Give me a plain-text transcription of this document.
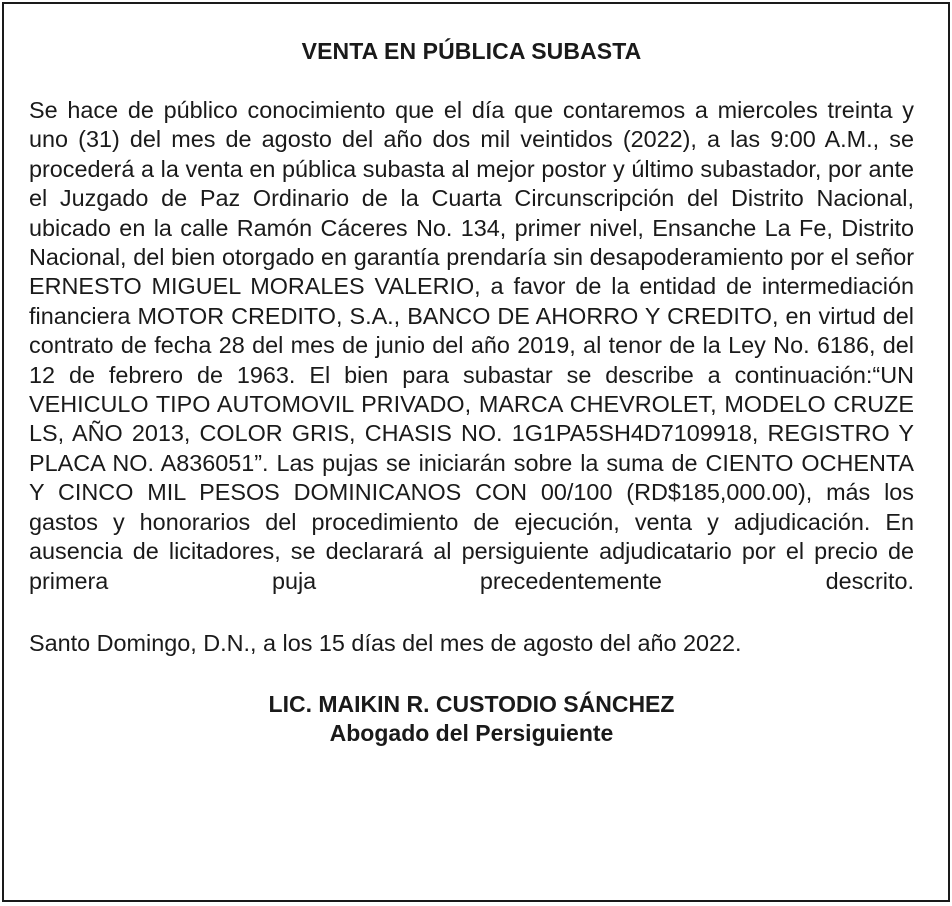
VENTA EN PÚBLICA SUBASTA

Se hace de público conocimiento que el día que contaremos a miercoles treinta y uno (31) del mes de agosto del año dos mil veintidos (2022), a las 9:00 A.M., se procederá a la venta en pública subasta al mejor postor y último subastador, por ante el Juzgado de Paz Ordinario de la Cuarta Circunscripción del Distrito Nacional, ubicado en la calle Ramón Cáceres No. 134, primer nivel, Ensanche La Fe, Distrito Nacional, del bien otorgado en garantía prendaría sin desapoderamiento por el señor ERNESTO MIGUEL MORALES VALERIO, a favor de la entidad de intermediación financiera MOTOR CREDITO, S.A., BANCO DE AHORRO Y CREDITO, en virtud del contrato de fecha 28 del mes de junio del año 2019, al tenor de la Ley No. 6186, del 12 de febrero de 1963. El bien para subastar se describe a continuación:“UN VEHICULO TIPO AUTOMOVIL PRIVADO, MARCA CHEVROLET, MODELO CRUZE LS, AÑO 2013, COLOR GRIS, CHASIS NO. 1G1PA5SH4D7109918, REGISTRO Y PLACA NO. A836051”. Las pujas se iniciarán sobre la suma de CIENTO OCHENTA Y CINCO MIL PESOS DOMINICANOS CON 00/100 (RD$185,000.00), más los gastos y honorarios del procedimiento de ejecución, venta y adjudicación. En ausencia de licitadores, se declarará al persiguiente adjudicatario por el precio de primera puja precedentemente descrito.

Santo Domingo, D.N., a los 15 días del mes de agosto del año 2022.

LIC. MAIKIN R. CUSTODIO SÁNCHEZ
Abogado del Persiguiente
